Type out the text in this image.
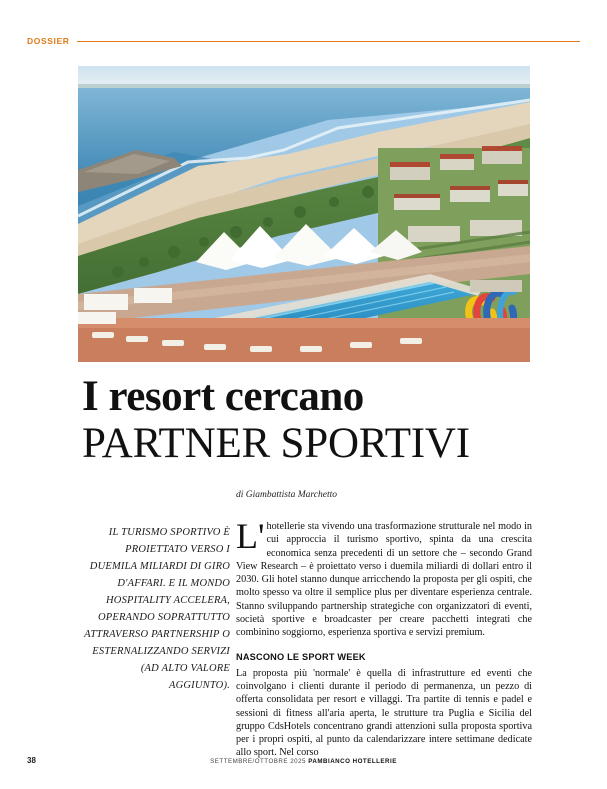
DOSSIER
I resort cercano
PARTNER SPORTIVI
di Giambattista Marchetto
IL TURISMO SPORTIVO È PROIETTATO VERSO I DUEMILA MILIARDI DI GIRO D'AFFARI. E IL MONDO HOSPITALITY ACCELERA, OPERANDO SOPRATTUTTO ATTRAVERSO PARTNERSHIP O ESTERNALIZZANDO SERVIZI (AD ALTO VALORE AGGIUNTO).

L'hotellerie sta vivendo una trasformazione strutturale nel modo in cui approccia il turismo sportivo, spinta da una crescita economica senza precedenti di un settore che – secondo Grand View Research – è proiettato verso i duemila miliardi di dollari entro il 2030. Gli hotel stanno dunque arricchendo la proposta per gli ospiti, che molto spesso va oltre il semplice plus per diventare esperienza centrale. Stanno sviluppando partnership strategiche con organizzatori di eventi, società sportive e broadcaster per creare pacchetti integrati che combinino soggiorno, esperienza sportiva e servizi premium.

NASCONO LE SPORT WEEK

La proposta più 'normale' è quella di infrastrutture ed eventi che coinvolgano i clienti durante il periodo di permanenza, un pezzo di offerta consolidata per resort e villaggi. Tra partite di tennis e padel e sessioni di fitness all'aria aperta, le strutture tra Puglia e Sicilia del gruppo CdsHotels concentrano grandi attenzioni sulla proposta sportiva per i propri ospiti, al punto da calendarizzare intere settimane dedicate allo sport. Nel corso

38	SETTEMBRE/OTTOBRE 2025 PAMBIANCO HOTELLERIE
